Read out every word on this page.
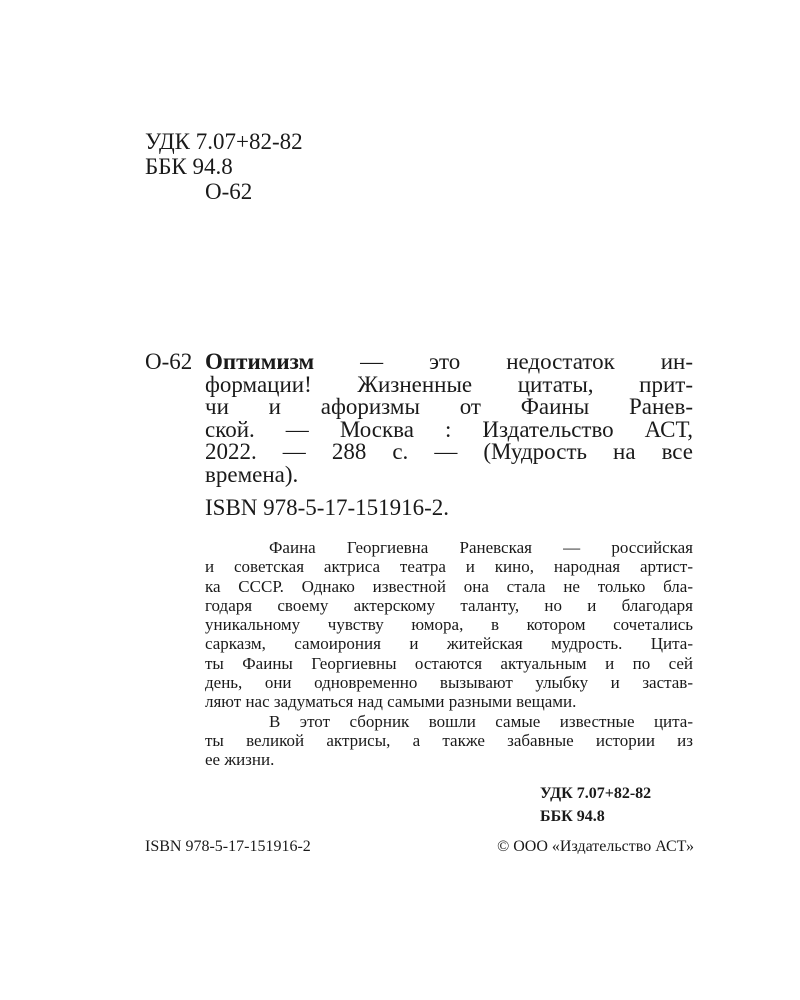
УДК 7.07+82-82
ББК 94.8
О-62
О-62 Оптимизм — это недостаток ин-
формации! Жизненные цитаты, прит-
чи и афоризмы от Фаины Ранев-
ской. — Москва : Издательство АСТ,
2022. — 288 с. — (Мудрость на все
времена).
ISBN 978-5-17-151916-2.
Фаина Георгиевна Раневская — российская
и советская актриса театра и кино, народная артист-
ка СССР. Однако известной она стала не только бла-
годаря своему актерскому таланту, но и благодаря
уникальному чувству юмора, в котором сочетались
сарказм, самоирония и житейская мудрость. Цита-
ты Фаины Георгиевны остаются актуальным и по сей
день, они одновременно вызывают улыбку и застав-
ляют нас задуматься над самыми разными вещами.
В этот сборник вошли самые известные цита-
ты великой актрисы, а также забавные истории из
ее жизни.
УДК 7.07+82-82
ББК 94.8
ISBN 978-5-17-151916-2	© ООО «Издательство АСТ»
